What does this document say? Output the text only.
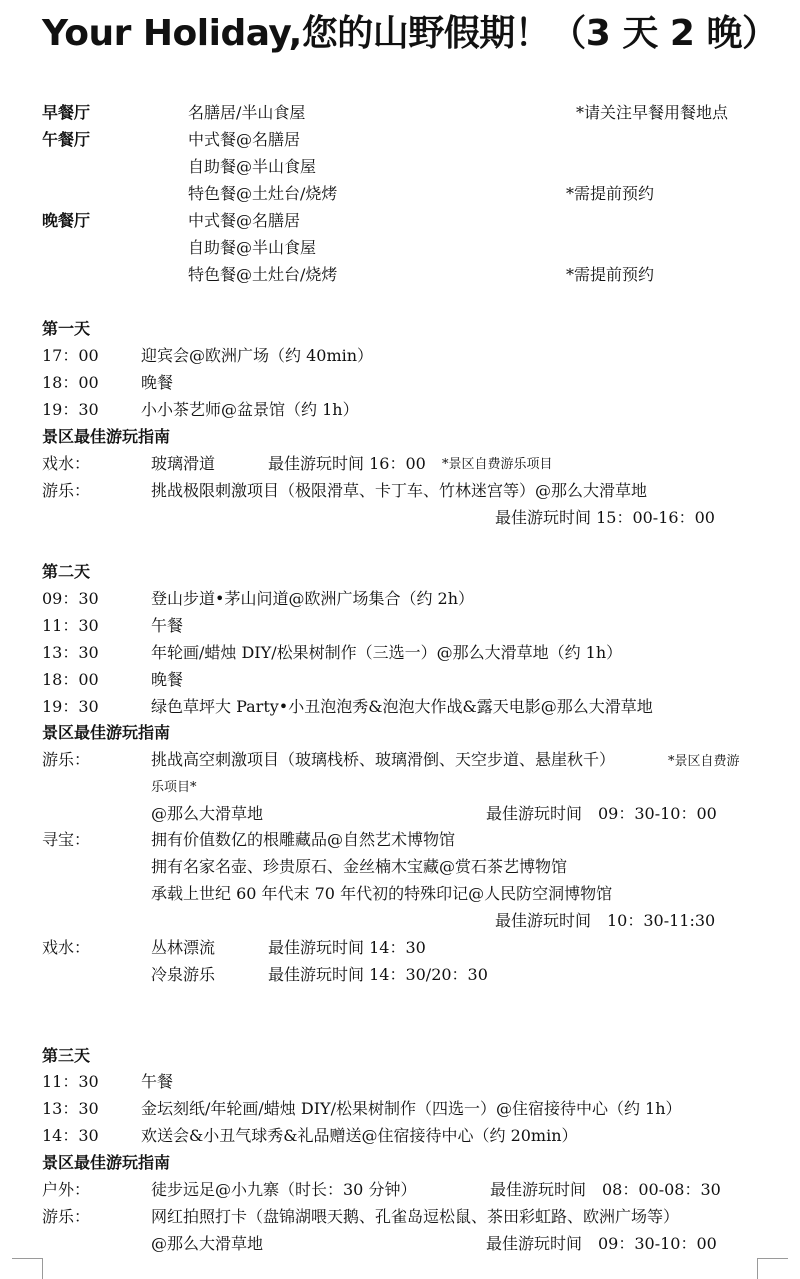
Your Holiday,您的山野假期！（3 天 2 晚）
早餐厅	名膳居/半山食屋	*请关注早餐用餐地点
午餐厅	中式餐@名膳居
自助餐@半山食屋
特色餐@土灶台/烧烤	*需提前预约
晚餐厅	中式餐@名膳居
自助餐@半山食屋
特色餐@土灶台/烧烤	*需提前预约
第一天
17：00	迎宾会@欧洲广场（约 40min）
18：00	晚餐
19：30	小小茶艺师@盆景馆（约 1h）
景区最佳游玩指南
戏水：	玻璃滑道	最佳游玩时间 16：00 *景区自费游乐项目
游乐：	挑战极限刺激项目（极限滑草、卡丁车、竹林迷宫等）@那么大滑草地
最佳游玩时间 15：00-16：00
第二天
09：30	登山步道•茅山问道@欧洲广场集合（约 2h）
11：30	午餐
13：30	年轮画/蜡烛 DIY/松果树制作（三选一）@那么大滑草地（约 1h）
18：00	晚餐
19：30	绿色草坪大 Party•小丑泡泡秀&泡泡大作战&露天电影@那么大滑草地
景区最佳游玩指南
游乐：	挑战高空刺激项目（玻璃栈桥、玻璃滑倒、天空步道、悬崖秋千）	*景区自费游
乐项目*
@那么大滑草地	最佳游玩时间　09：30-10：00
寻宝：	拥有价值数亿的根雕藏品@自然艺术博物馆
拥有名家名壶、珍贵原石、金丝楠木宝藏@赏石茶艺博物馆
承载上世纪 60 年代末 70 年代初的特殊印记@人民防空洞博物馆
最佳游玩时间　10：30-11:30
戏水：	丛林漂流	最佳游玩时间 14：30
冷泉游乐	最佳游玩时间 14：30/20：30
第三天
11：30	午餐
13：30	金坛刻纸/年轮画/蜡烛 DIY/松果树制作（四选一）@住宿接待中心（约 1h）
14：30	欢送会&小丑气球秀&礼品赠送@住宿接待中心（约 20min）
景区最佳游玩指南
户外：	徒步远足@小九寨（时长：30 分钟）	最佳游玩时间　08：00-08：30
游乐：	网红拍照打卡（盘锦湖喂天鹅、孔雀岛逗松鼠、茶田彩虹路、欧洲广场等）
@那么大滑草地	最佳游玩时间　09：30-10：00
